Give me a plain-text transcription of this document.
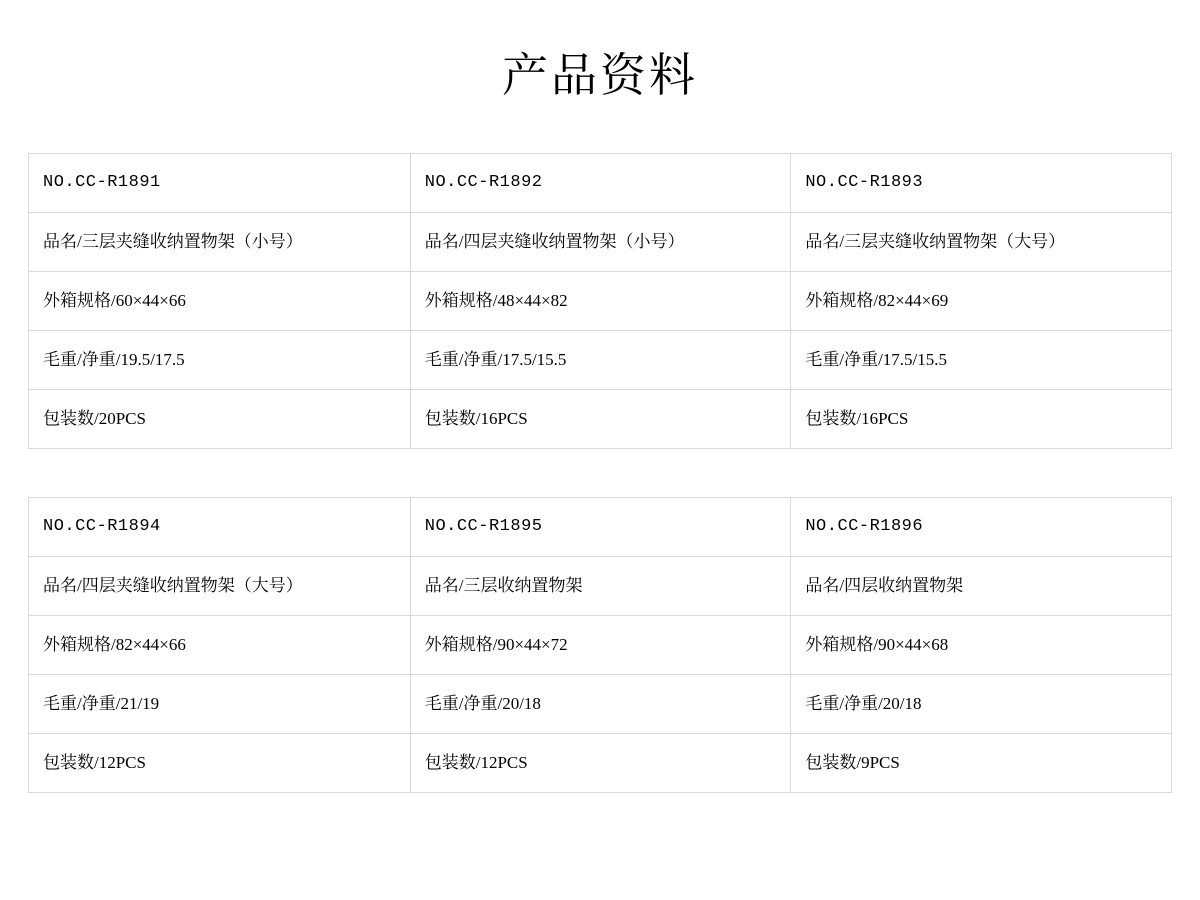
产品资料
NO.CC-R1891	NO.CC-R1892	NO.CC-R1893
品名/三层夹缝收纳置物架（小号）	品名/四层夹缝收纳置物架（小号）	品名/三层夹缝收纳置物架（大号）
外箱规格/60×44×66	外箱规格/48×44×82	外箱规格/82×44×69
毛重/净重/19.5/17.5	毛重/净重/17.5/15.5	毛重/净重/17.5/15.5
包装数/20PCS	包装数/16PCS	包装数/16PCS
NO.CC-R1894	NO.CC-R1895	NO.CC-R1896
品名/四层夹缝收纳置物架（大号）	品名/三层收纳置物架	品名/四层收纳置物架
外箱规格/82×44×66	外箱规格/90×44×72	外箱规格/90×44×68
毛重/净重/21/19	毛重/净重/20/18	毛重/净重/20/18
包装数/12PCS	包装数/12PCS	包装数/9PCS
